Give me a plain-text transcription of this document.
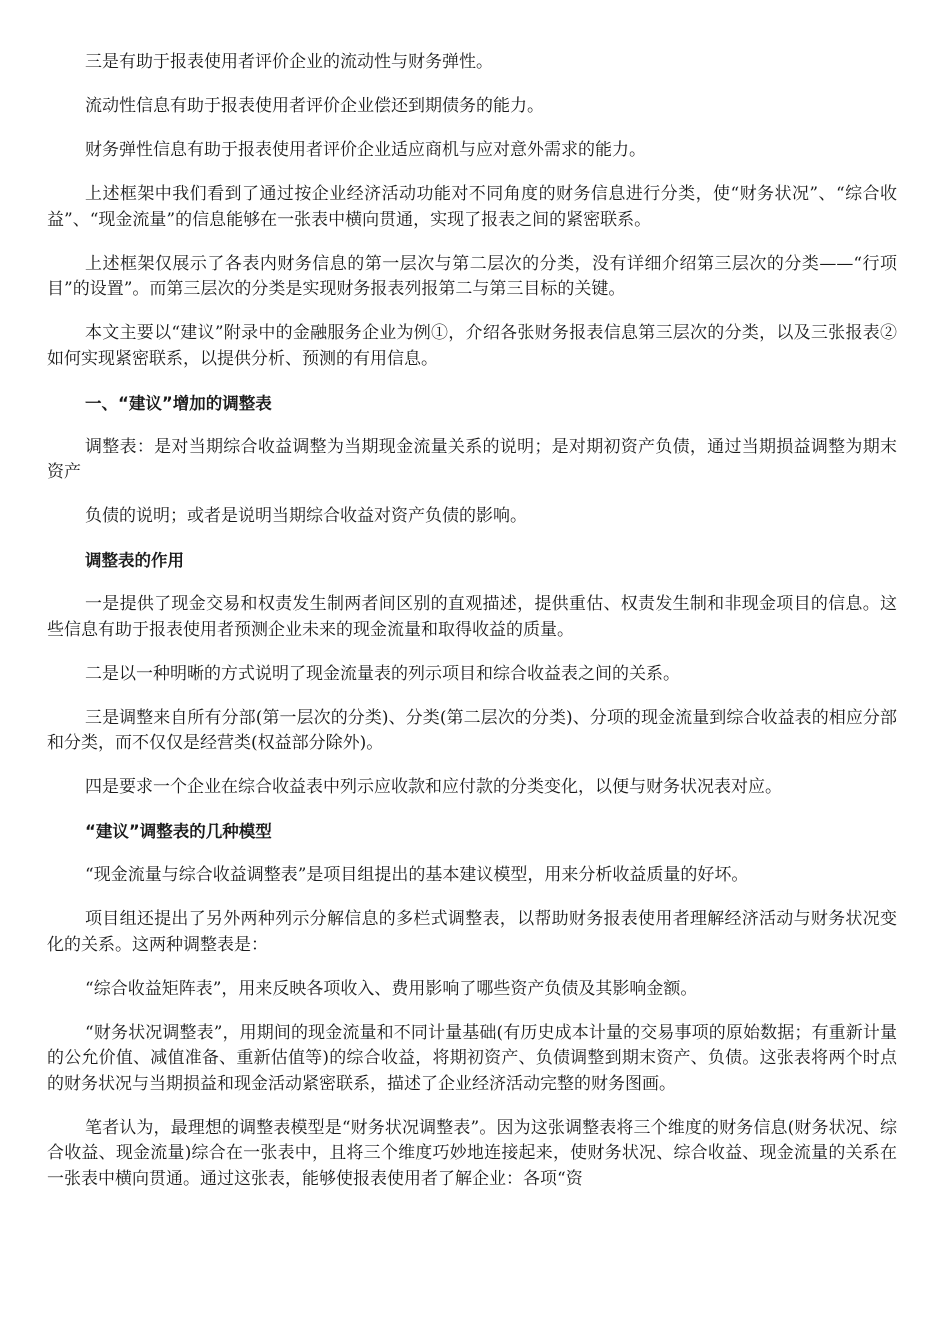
三是有助于报表使用者评价企业的流动性与财务弹性。

流动性信息有助于报表使用者评价企业偿还到期债务的能力。

财务弹性信息有助于报表使用者评价企业适应商机与应对意外需求的能力。

上述框架中我们看到了通过按企业经济活动功能对不同角度的财务信息进行分类，使“财务状况”、“综合收益”、“现金流量”的信息能够在一张表中横向贯通，实现了报表之间的紧密联系。

上述框架仅展示了各表内财务信息的第一层次与第二层次的分类，没有详细介绍第三层次的分类——“行项目”的设置”。而第三层次的分类是实现财务报表列报第二与第三目标的关键。

本文主要以“建议”附录中的金融服务企业为例①，介绍各张财务报表信息第三层次的分类，以及三张报表②如何实现紧密联系，以提供分析、预测的有用信息。

一、“建议”增加的调整表

调整表：是对当期综合收益调整为当期现金流量关系的说明；是对期初资产负债，通过当期损益调整为期末资产

负债的说明；或者是说明当期综合收益对资产负债的影响。

调整表的作用

一是提供了现金交易和权责发生制两者间区别的直观描述，提供重估、权责发生制和非现金项目的信息。这些信息有助于报表使用者预测企业未来的现金流量和取得收益的质量。

二是以一种明晰的方式说明了现金流量表的列示项目和综合收益表之间的关系。

三是调整来自所有分部(第一层次的分类)、分类(第二层次的分类)、分项的现金流量到综合收益表的相应分部和分类，而不仅仅是经营类(权益部分除外)。

四是要求一个企业在综合收益表中列示应收款和应付款的分类变化，以便与财务状况表对应。

“建议”调整表的几种模型

“现金流量与综合收益调整表”是项目组提出的基本建议模型，用来分析收益质量的好坏。

项目组还提出了另外两种列示分解信息的多栏式调整表，以帮助财务报表使用者理解经济活动与财务状况变化的关系。这两种调整表是：

“综合收益矩阵表”，用来反映各项收入、费用影响了哪些资产负债及其影响金额。

“财务状况调整表”，用期间的现金流量和不同计量基础(有历史成本计量的交易事项的原始数据；有重新计量的公允价值、减值准备、重新估值等)的综合收益，将期初资产、负债调整到期末资产、负债。这张表将两个时点的财务状况与当期损益和现金活动紧密联系，描述了企业经济活动完整的财务图画。

笔者认为，最理想的调整表模型是“财务状况调整表”。因为这张调整表将三个维度的财务信息(财务状况、综合收益、现金流量)综合在一张表中，且将三个维度巧妙地连接起来，使财务状况、综合收益、现金流量的关系在一张表中横向贯通。通过这张表，能够使报表使用者了解企业：各项“资
